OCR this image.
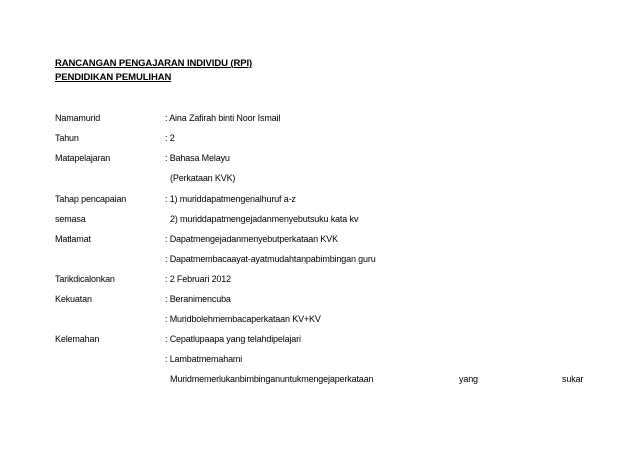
RANCANGAN PENGAJARAN INDIVIDU (RPI)
PENDIDIKAN PEMULIHAN
Namamurid	: Aina Zafirah binti Noor Ismail
Tahun	: 2
Matapelajaran	: Bahasa Melayu
(Perkataan KVK)
Tahap pencapaian	: 1) muriddapatmengenalhuruf a-z
semasa	2) muriddapatmengejadanmenyebutsuku kata kv
Matlamat	: Dapatmengejadanmenyebutperkataan KVK
: Dapatmembacaayat-ayatmudahtanpabimbingan guru
Tarikdicalonkan	: 2 Februari 2012
Kekuatan	: Beranimencuba
: Muridbolehmembacaperkataan KV+KV
Kelemahan	: Cepatlupaapa yang telahdipelajari
: Lambatmemahami
Muridmemerlukanbimbinganuntukmengejaperkataan	yang	sukar
